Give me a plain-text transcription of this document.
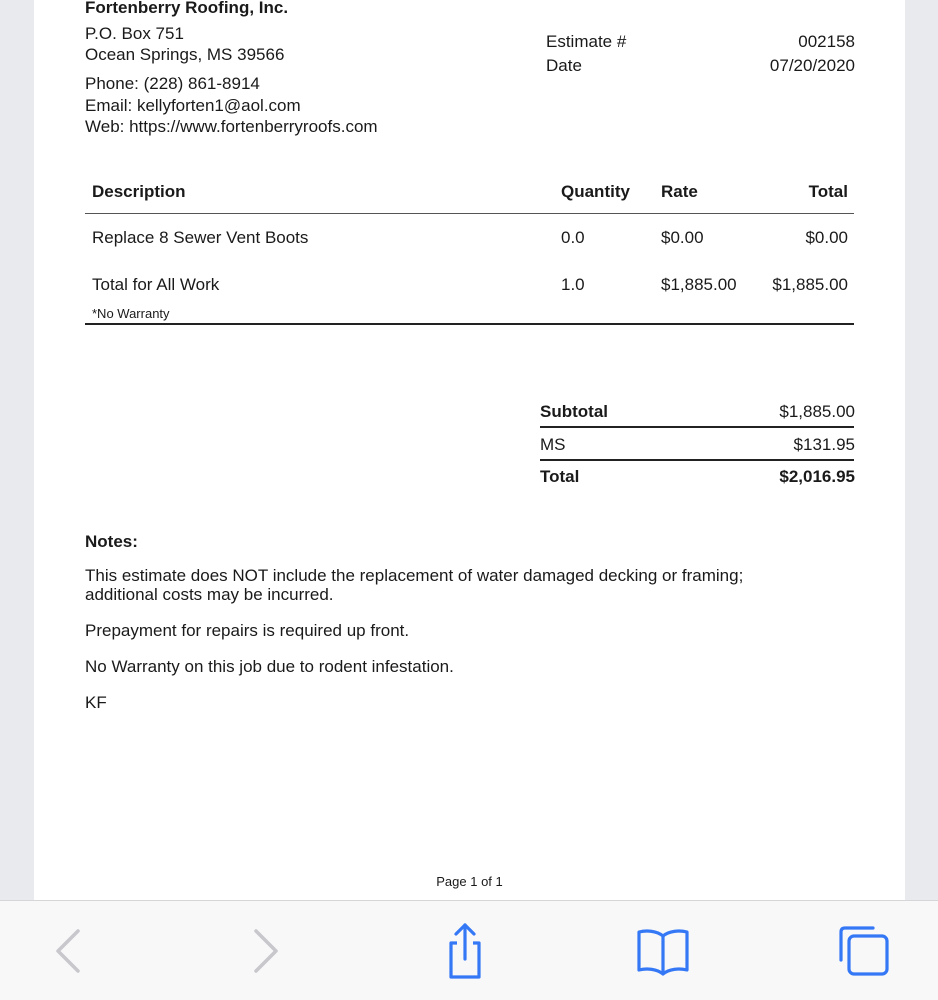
Fortenberry Roofing, Inc.
P.O. Box 751
Ocean Springs, MS 39566
Phone: (228) 861-8914
Email: kellyforten1@aol.com
Web: https://www.fortenberryroofs.com
Estimate #	002158
Date	07/20/2020
Description	Quantity Rate	Total
Replace 8 Sewer Vent Boots	0.0	$0.00	$0.00
Total for All Work	1.0	$1,885.00 $1,885.00
*No Warranty
Subtotal	$1,885.00
MS	$131.95
Total	$2,016.95
Notes:
This estimate does NOT include the replacement of water damaged decking or framing; additional costs may be incurred.
Prepayment for repairs is required up front.
No Warranty on this job due to rodent infestation.
KF
Page 1 of 1
